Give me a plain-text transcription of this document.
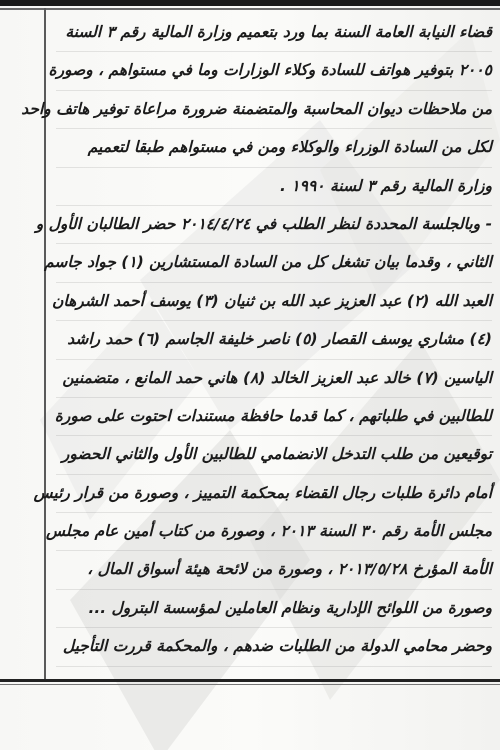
قضاء النيابة العامة السنة بما ورد بتعميم وزارة المالية رقم ٣ السنة
٢٠٠٥ بتوفير هواتف للسادة وكلاء الوزارات وما في مستواهم ، وصورة
من ملاحظات ديوان المحاسبة والمتضمنة ضرورة مراعاة توفير هاتف واحد
لكل من السادة الوزراء والوكلاء ومن في مستواهم طبقا لتعميم
وزارة المالية رقم ٣ لسنة ١٩٩٠ .
- وبالجلسة المحددة لنظر الطلب في ٢٠١٤/٤/٢٤ حضر الطالبان الأول و
الثاني ، وقدما بيان تشغل كل من السادة المستشارين (١) جواد جاسم
العبد الله (٢) عبد العزيز عبد الله بن ثنيان (٣) يوسف أحمد الشرهان
(٤) مشاري يوسف القصار (٥) ناصر خليفة الجاسم (٦) حمد راشد
الياسين (٧) خالد عبد العزيز الخالد (٨) هاني حمد المانع ، متضمنين
للطالبين في طلباتهم ، كما قدما حافظة مستندات احتوت على صورة
توقيعين من طلب التدخل الانضمامي للطالبين الأول والثاني الحضور
أمام دائرة طلبات رجال القضاء بمحكمة التمييز ، وصورة من قرار رئيس
مجلس الأمة رقم ٣٠ السنة ٢٠١٣ ، وصورة من كتاب أمين عام مجلس
الأمة المؤرخ ٢٠١٣/٥/٢٨ ، وصورة من لائحة هيئة أسواق المال ،
وصورة من اللوائح الإدارية ونظام العاملين لمؤسسة البترول ...
وحضر محامي الدولة من الطلبات ضدهم ، والمحكمة قررت التأجيل
